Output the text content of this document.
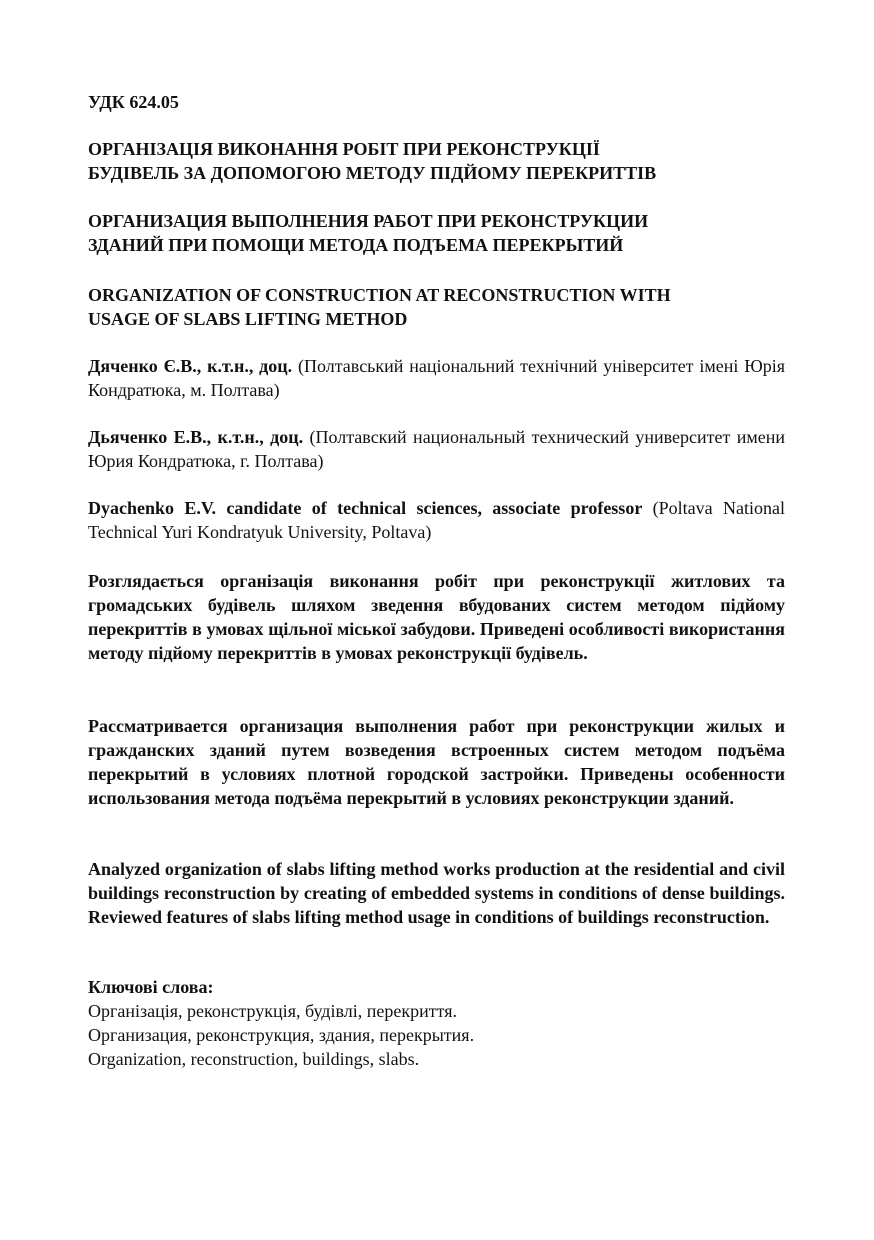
УДК 624.05
ОРГАНІЗАЦІЯ ВИКОНАННЯ РОБІТ ПРИ РЕКОНСТРУКЦІЇ
БУДІВЕЛЬ ЗА ДОПОМОГОЮ МЕТОДУ ПІДЙОМУ ПЕРЕКРИТТІВ
ОРГАНИЗАЦИЯ ВЫПОЛНЕНИЯ РАБОТ ПРИ РЕКОНСТРУКЦИИ
ЗДАНИЙ ПРИ ПОМОЩИ МЕТОДА ПОДЪЕМА ПЕРЕКРЫТИЙ
ORGANIZATION OF CONSTRUCTION AT RECONSTRUCTION WITH
USAGE OF SLABS LIFTING METHOD
Дяченко Є.В., к.т.н., доц. (Полтавський національний технічний університет імені Юрія Кондратюка, м. Полтава)
Дьяченко Е.В., к.т.н., доц. (Полтавский национальный технический университет имени Юрия Кондратюка, г. Полтава)
Dyachenko E.V. candidate of technical sciences, associate professor (Poltava National Technical Yuri Kondratyuk University, Poltava)
Розглядається організація виконання робіт при реконструкції житлових та громадських будівель шляхом зведення вбудованих систем методом підйому перекриттів в умовах щільної міської забудови. Приведені особливості використання методу підйому перекриттів в умовах реконструкції будівель.
Рассматривается организация выполнения работ при реконструкции жилых и гражданских зданий путем возведения встроенных систем методом подъёма перекрытий в условиях плотной городской застройки. Приведены особенности использования метода подъёма перекрытий в условиях реконструкции зданий.
Analyzed organization of slabs lifting method works production at the residential and civil buildings reconstruction by creating of embedded systems in conditions of dense buildings. Reviewed features of slabs lifting method usage in conditions of buildings reconstruction.
Ключові слова:
Організація, реконструкція, будівлі, перекриття.
Организация, реконструкция, здания, перекрытия.
Organization, reconstruction, buildings, slabs.
